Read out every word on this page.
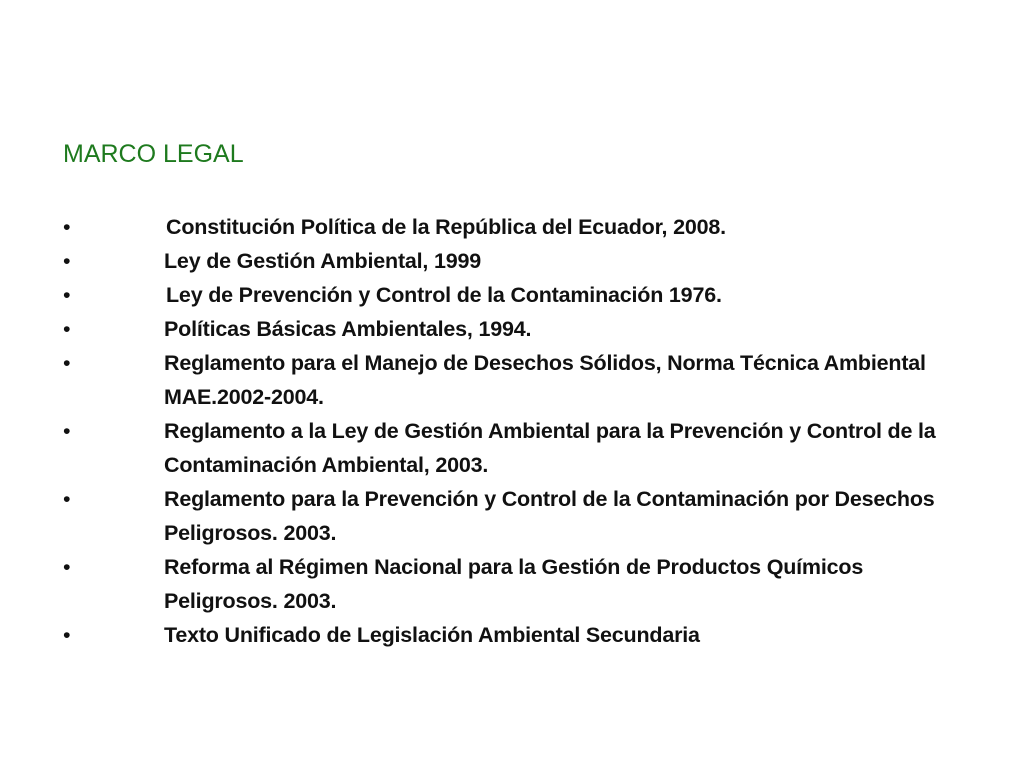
MARCO LEGAL
•	Constitución Política de la República del Ecuador, 2008.
•	Ley de Gestión Ambiental, 1999
•	Ley de Prevención y Control de la Contaminación 1976.
•	Políticas Básicas Ambientales, 1994.
•	Reglamento para el Manejo de Desechos Sólidos, Norma Técnica Ambiental MAE.2002-2004.
•	Reglamento a la Ley de Gestión Ambiental para la Prevención y Control de la Contaminación Ambiental, 2003.
•	Reglamento para la Prevención y Control de la Contaminación por Desechos Peligrosos. 2003.
•	Reforma al Régimen Nacional para la Gestión de Productos Químicos Peligrosos. 2003.
•	Texto Unificado de Legislación Ambiental Secundaria
